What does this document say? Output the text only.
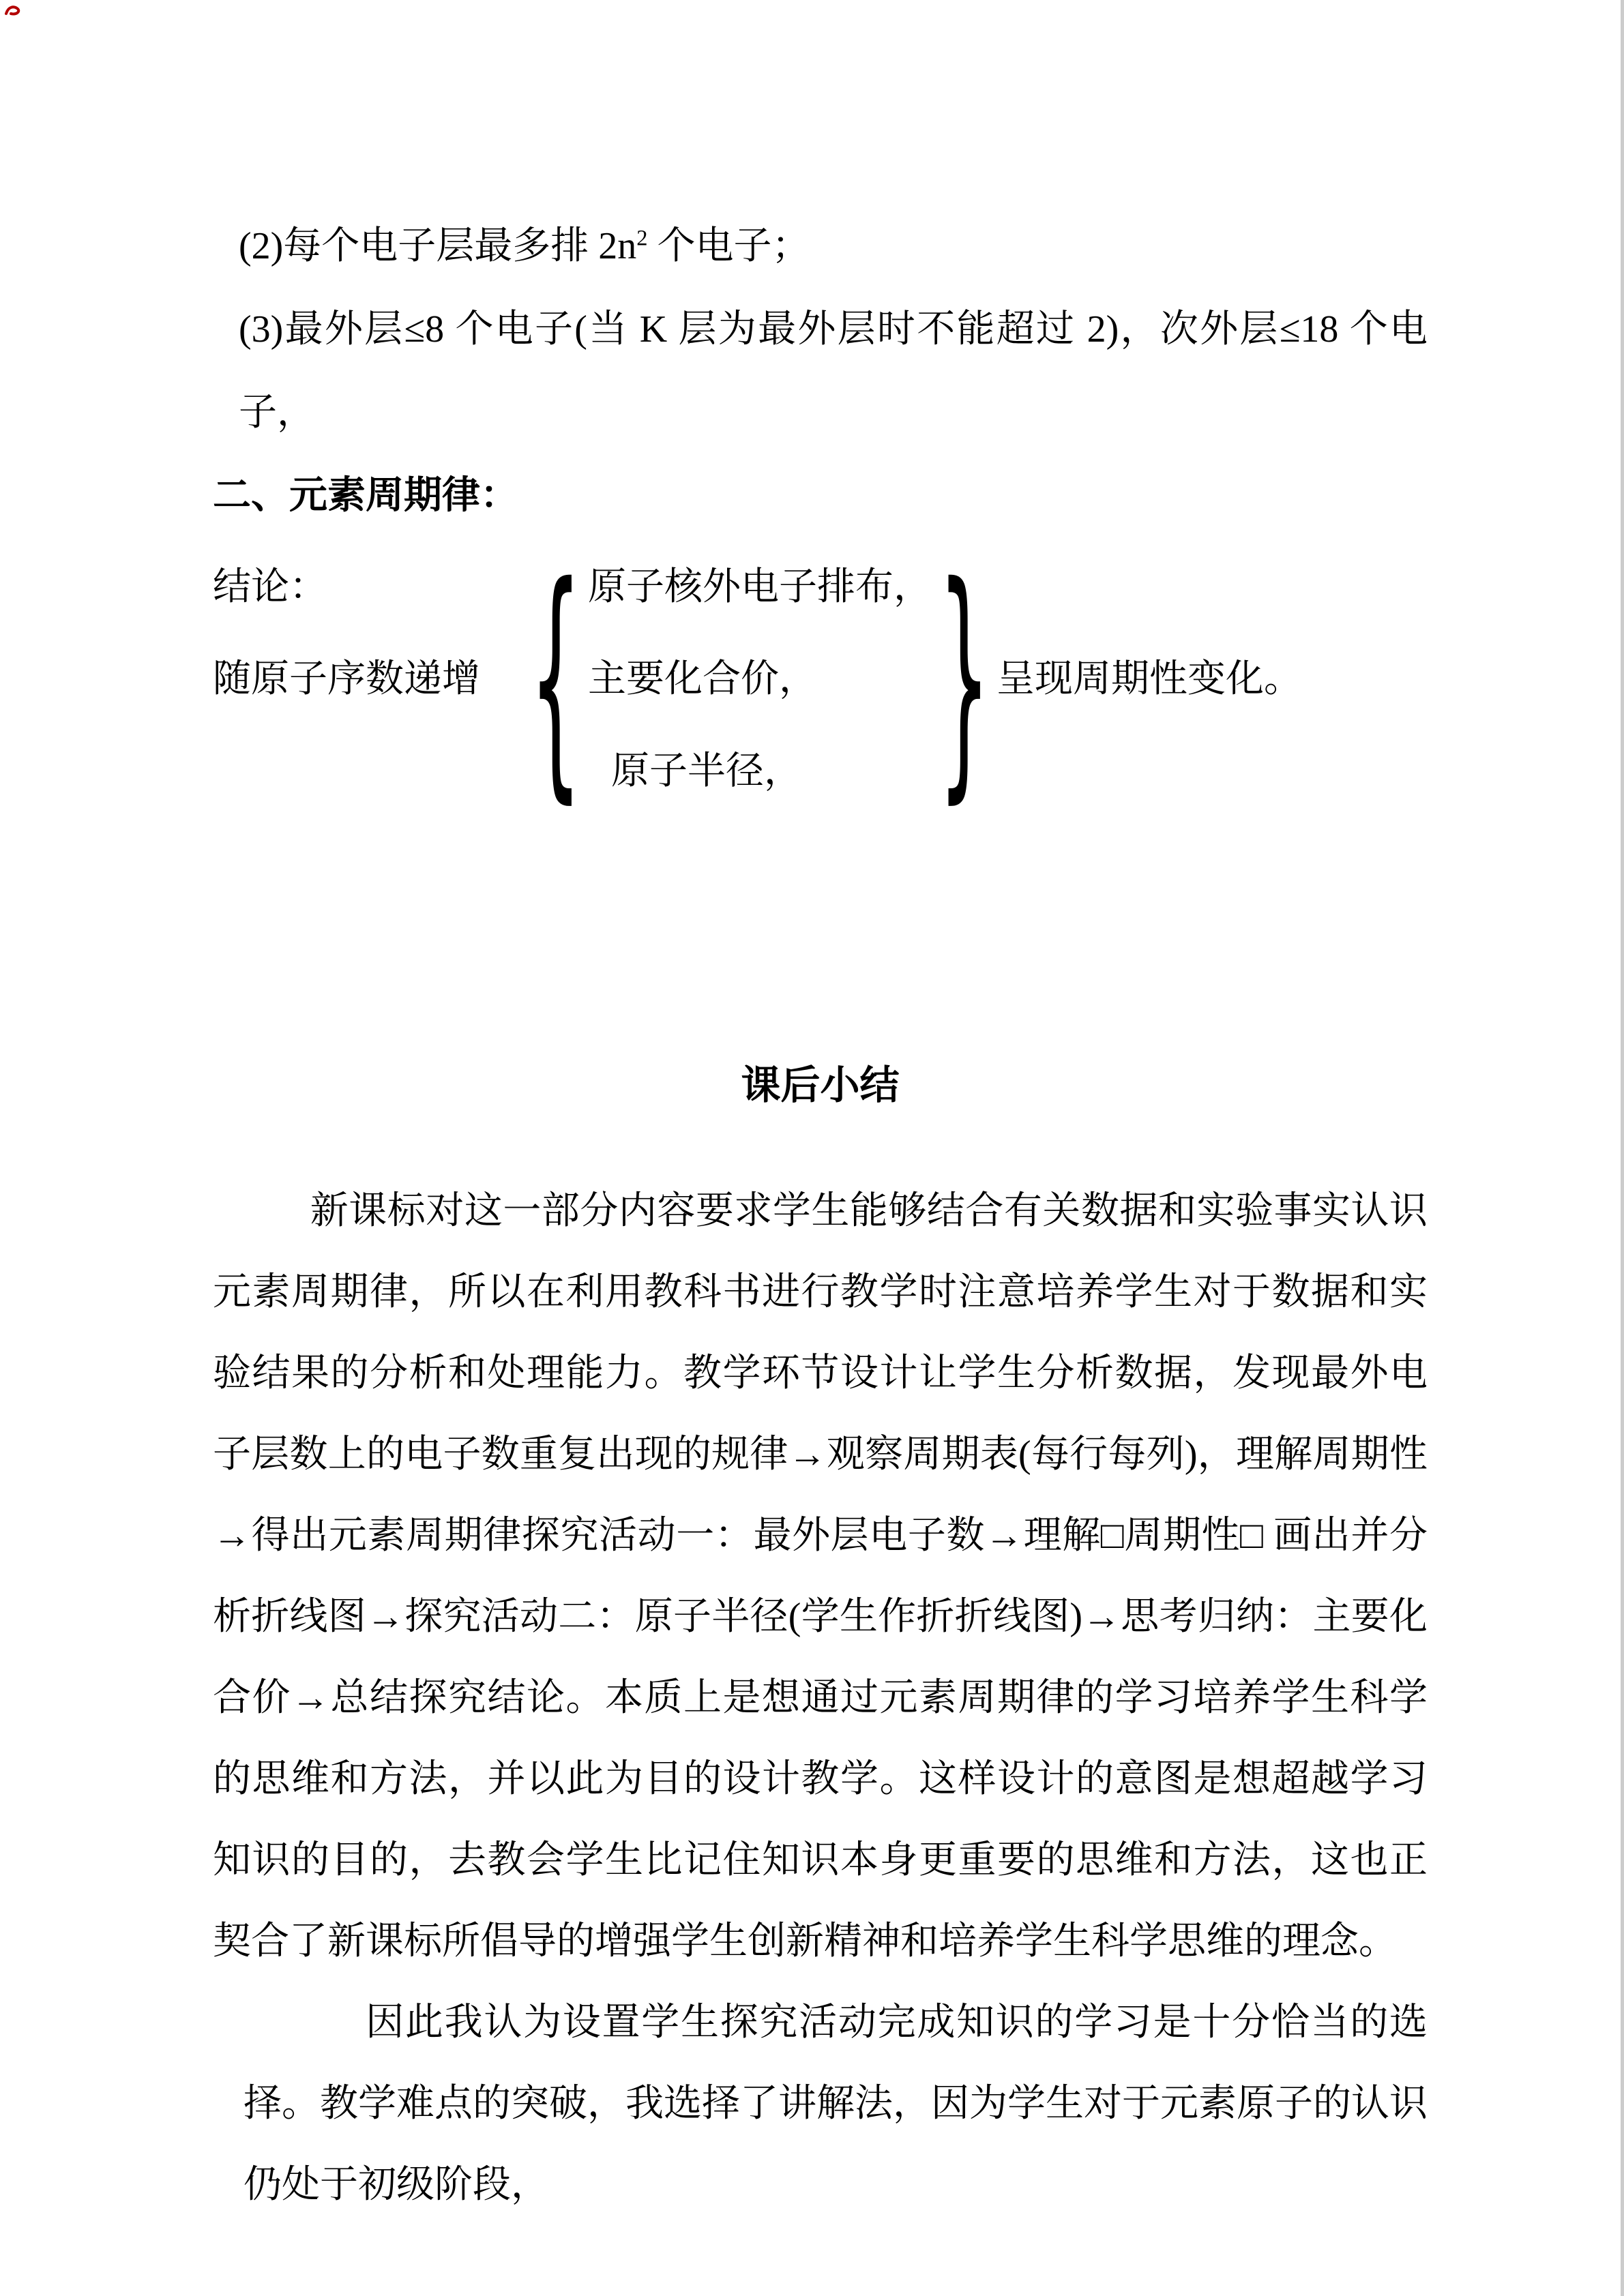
(2)每个电子层最多排 $2n^2$ 个电子；
(3)最外层≤8 个电子(当 K 层为最外层时不能超过 2)，次外层≤18 个电子，
二、元素周期律：
结论：
随原子序数递增 { 原子核外电子排布，
主要化合价，
原子半径，	} 呈现周期性变化。
课后小结

新课标对这一部分内容要求学生能够结合有关数据和实验事实认识元素周期律，所以在利用教科书进行教学时注意培养学生对于数据和实验结果的分析和处理能力。教学环节设计让学生分析数据，发现最外电子层数上的电子数重复出现的规律→观察周期表(每行每列)，理解周期性→得出元素周期律探究活动一：最外层电子数→理解□周期性□ 画出并分析折线图→探究活动二：原子半径(学生作折折线图)→思考归纳：主要化合价→总结探究结论。本质上是想通过元素周期律的学习培养学生科学的思维和方法，并以此为目的设计教学。这样设计的意图是想超越学习知识的目的，去教会学生比记住知识本身更重要的思维和方法，这也正契合了新课标所倡导的增强学生创新精神和培养学生科学思维的理念。

因此我认为设置学生探究活动完成知识的学习是十分恰当的选择。教学难点的突破，我选择了讲解法，因为学生对于元素原子的认识仍处于初级阶段，
